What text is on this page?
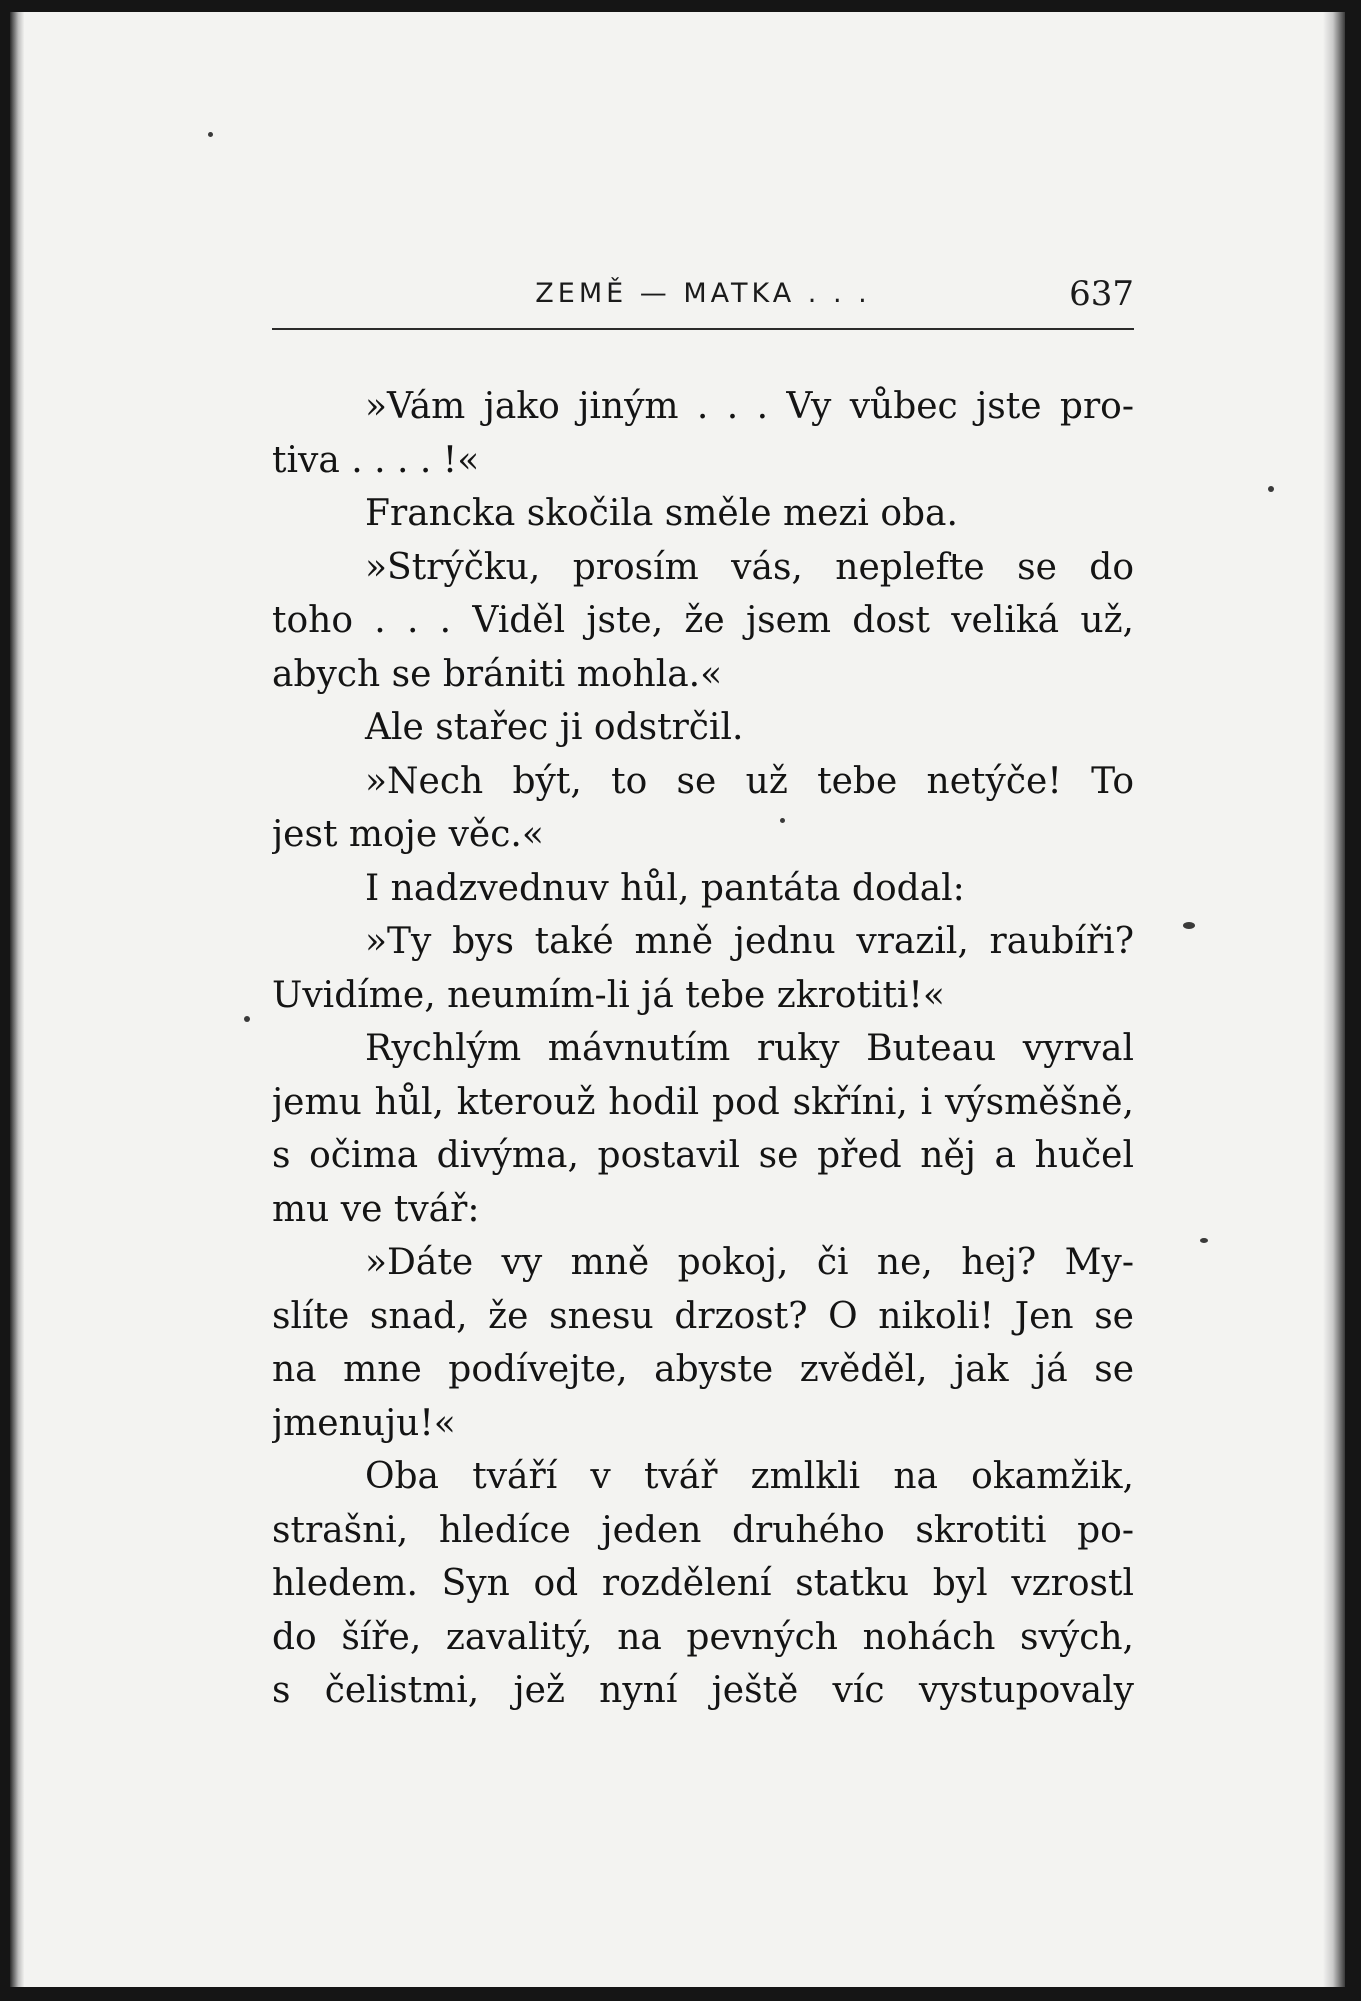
ZEMĚ — MATKA . . .	637
»Vám jako jiným . . . Vy vůbec jste pro-
tiva . . . . !«
Francka skočila směle mezi oba.
»Strýčku, prosím vás, neplefte se do
toho . . . Viděl jste, že jsem dost veliká už,
abych se brániti mohla.«
Ale stařec ji odstrčil.
»Nech být, to se už tebe netýče! To
jest moje věc.«
I nadzvednuv hůl, pantáta dodal:
»Ty bys také mně jednu vrazil, raubíři?
Uvidíme, neumím-li já tebe zkrotiti!«
Rychlým mávnutím ruky Buteau vyrval
jemu hůl, kterouž hodil pod skříni, i výsměšně,
s očima divýma, postavil se před něj a hučel
mu ve tvář:
»Dáte vy mně pokoj, či ne, hej? My-
slíte snad, že snesu drzost? O nikoli! Jen se
na mne podívejte, abyste zvěděl, jak já se
jmenuju!«
Oba tváří v tvář zmlkli na okamžik,
strašni, hledíce jeden druhého skrotiti po-
hledem. Syn od rozdělení statku byl vzrostl
do šíře, zavalitý, na pevných nohách svých,
s čelistmi, jež nyní ještě víc vystupovaly
